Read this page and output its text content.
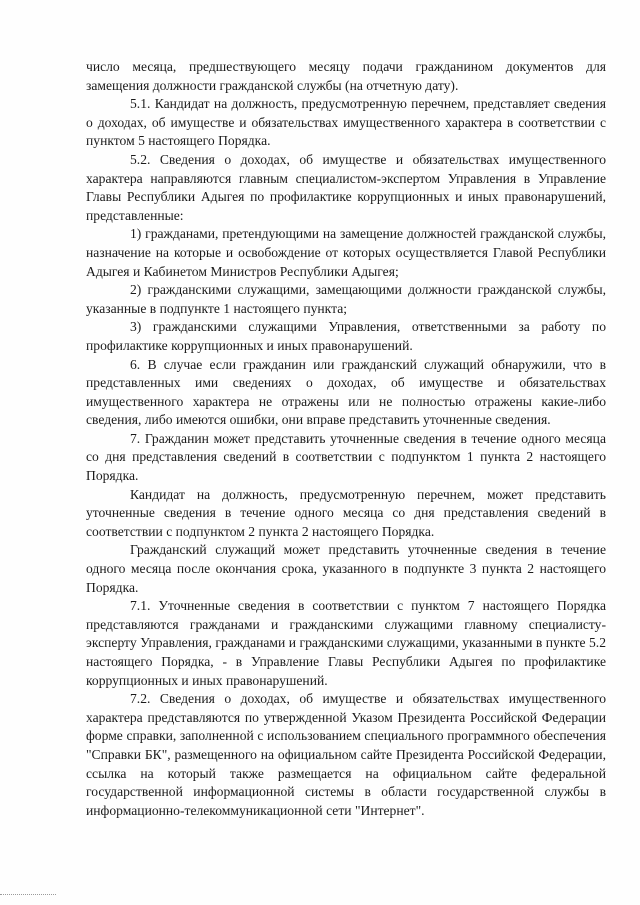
число месяца, предшествующего месяцу подачи гражданином документов для замещения должности гражданской службы (на отчетную дату).

5.1. Кандидат на должность, предусмотренную перечнем, представляет сведения о доходах, об имуществе и обязательствах имущественного характера в соответствии с пунктом 5 настоящего Порядка.

5.2. Сведения о доходах, об имуществе и обязательствах имущественного характера направляются главным специалистом-экспертом Управления в Управление Главы Республики Адыгея по профилактике коррупционных и иных правонарушений, представленные:

1) гражданами, претендующими на замещение должностей гражданской службы, назначение на которые и освобождение от которых осуществляется Главой Республики Адыгея и Кабинетом Министров Республики Адыгея;

2) гражданскими служащими, замещающими должности гражданской службы, указанные в подпункте 1 настоящего пункта;

3) гражданскими служащими Управления, ответственными за работу по профилактике коррупционных и иных правонарушений.

6. В случае если гражданин или гражданский служащий обнаружили, что в представленных ими сведениях о доходах, об имуществе и обязательствах имущественного характера не отражены или не полностью отражены какие-либо сведения, либо имеются ошибки, они вправе представить уточненные сведения.

7. Гражданин может представить уточненные сведения в течение одного месяца со дня представления сведений в соответствии с подпунктом 1 пункта 2 настоящего Порядка.

Кандидат на должность, предусмотренную перечнем, может представить уточненные сведения в течение одного месяца со дня представления сведений в соответствии с подпунктом 2 пункта 2 настоящего Порядка.

Гражданский служащий может представить уточненные сведения в течение одного месяца после окончания срока, указанного в подпункте 3 пункта 2 настоящего Порядка.

7.1. Уточненные сведения в соответствии с пунктом 7 настоящего Порядка представляются гражданами и гражданскими служащими главному специалисту-эксперту Управления, гражданами и гражданскими служащими, указанными в пункте 5.2 настоящего Порядка, - в Управление Главы Республики Адыгея по профилактике коррупционных и иных правонарушений.

7.2. Сведения о доходах, об имуществе и обязательствах имущественного характера представляются по утвержденной Указом Президента Российской Федерации форме справки, заполненной с использованием специального программного обеспечения "Справки БК", размещенного на официальном сайте Президента Российской Федерации, ссылка на который также размещается на официальном сайте федеральной государственной информационной системы в области государственной службы в информационно-телекоммуникационной сети "Интернет".
